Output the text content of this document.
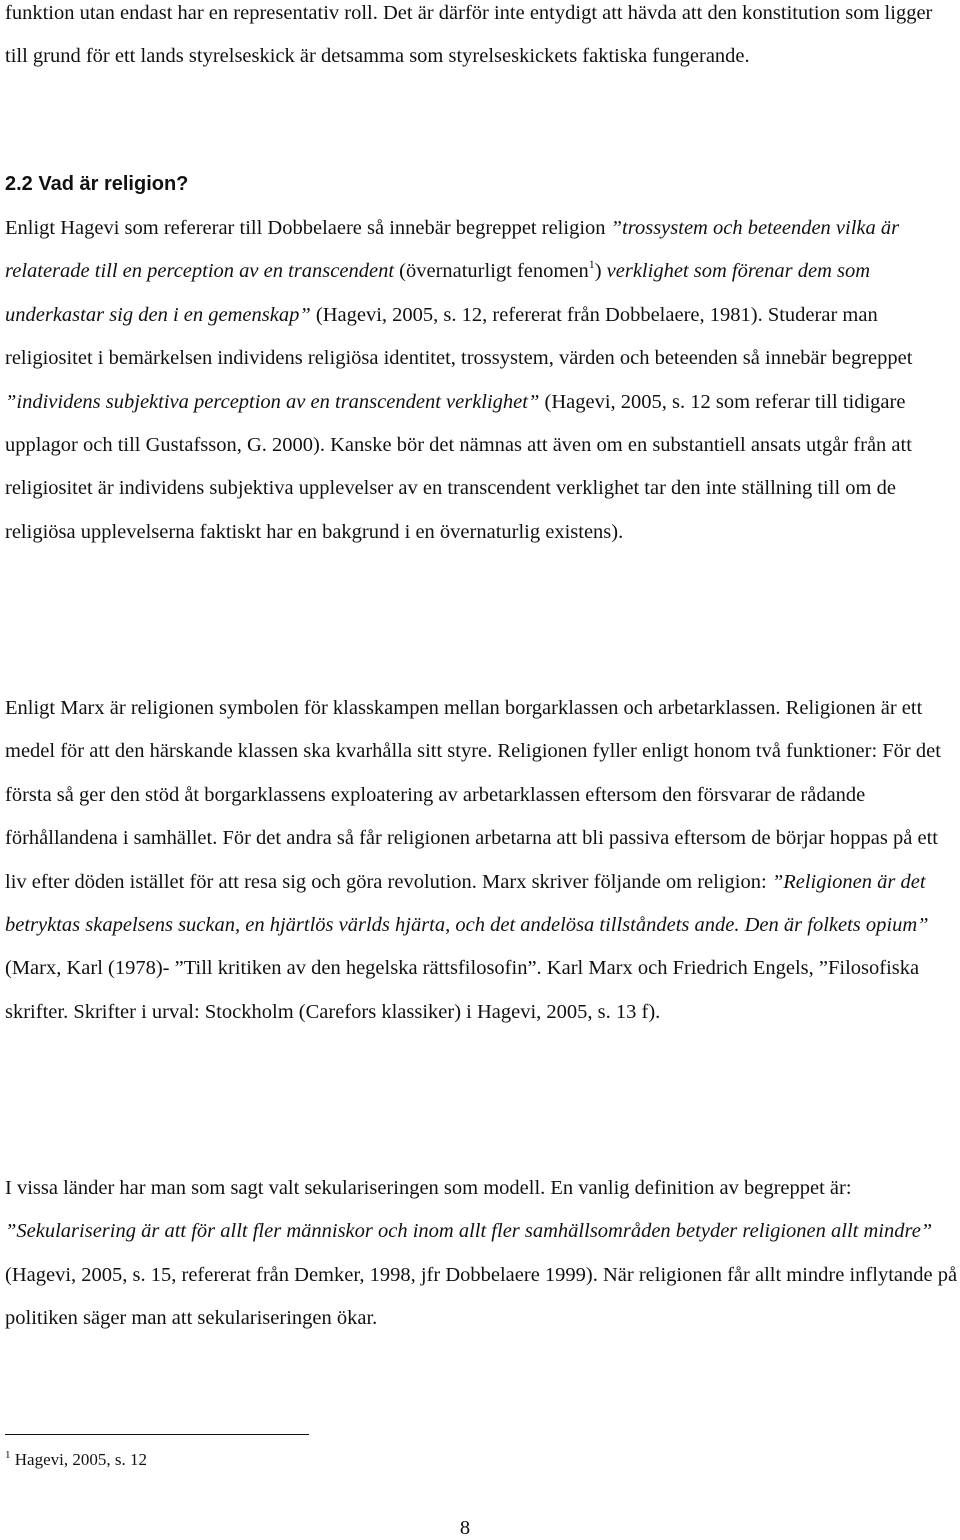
funktion utan endast har en representativ roll. Det är därför inte entydigt att hävda att den konstitution som ligger till grund för ett lands styrelseskick är detsamma som styrelseskickets faktiska fungerande.

2.2 Vad är religion?

Enligt Hagevi som refererar till Dobbelaere så innebär begreppet religion ”trossystem och beteenden vilka är relaterade till en perception av en transcendent (övernaturligt fenomen$^1$) verklighet som förenar dem som underkastar sig den i en gemenskap” (Hagevi, 2005, s. 12, refererat från Dobbelaere, 1981). Studerar man religiositet i bemärkelsen individens religiösa identitet, trossystem, värden och beteenden så innebär begreppet ”individens subjektiva perception av en transcendent verklighet” (Hagevi, 2005, s. 12 som referar till tidigare upplagor och till Gustafsson, G. 2000). Kanske bör det nämnas att även om en substantiell ansats utgår från att religiositet är individens subjektiva upplevelser av en transcendent verklighet tar den inte ställning till om de religiösa upplevelserna faktiskt har en bakgrund i en övernaturlig existens).

Enligt Marx är religionen symbolen för klasskampen mellan borgarklassen och arbetarklassen. Religionen är ett medel för att den härskande klassen ska kvarhålla sitt styre. Religionen fyller enligt honom två funktioner: För det första så ger den stöd åt borgarklassens exploatering av arbetarklassen eftersom den försvarar de rådande förhållandena i samhället. För det andra så får religionen arbetarna att bli passiva eftersom de börjar hoppas på ett liv efter döden istället för att resa sig och göra revolution. Marx skriver följande om religion: ”Religionen är det betryktas skapelsens suckan, en hjärtlös världs hjärta, och det andelösa tillståndets ande. Den är folkets opium” (Marx, Karl (1978)- ”Till kritiken av den hegelska rättsfilosofin”. Karl Marx och Friedrich Engels, ”Filosofiska skrifter. Skrifter i urval: Stockholm (Carefors klassiker) i Hagevi, 2005, s. 13 f).

I vissa länder har man som sagt valt sekulariseringen som modell. En vanlig definition av begreppet är: ”Sekularisering är att för allt fler människor och inom allt fler samhällsområden betyder religionen allt mindre” (Hagevi, 2005, s. 15, refererat från Demker, 1998, jfr Dobbelaere 1999). När religionen får allt mindre inflytande på politiken säger man att sekulariseringen ökar.

$^1$ Hagevi, 2005, s. 12

8
